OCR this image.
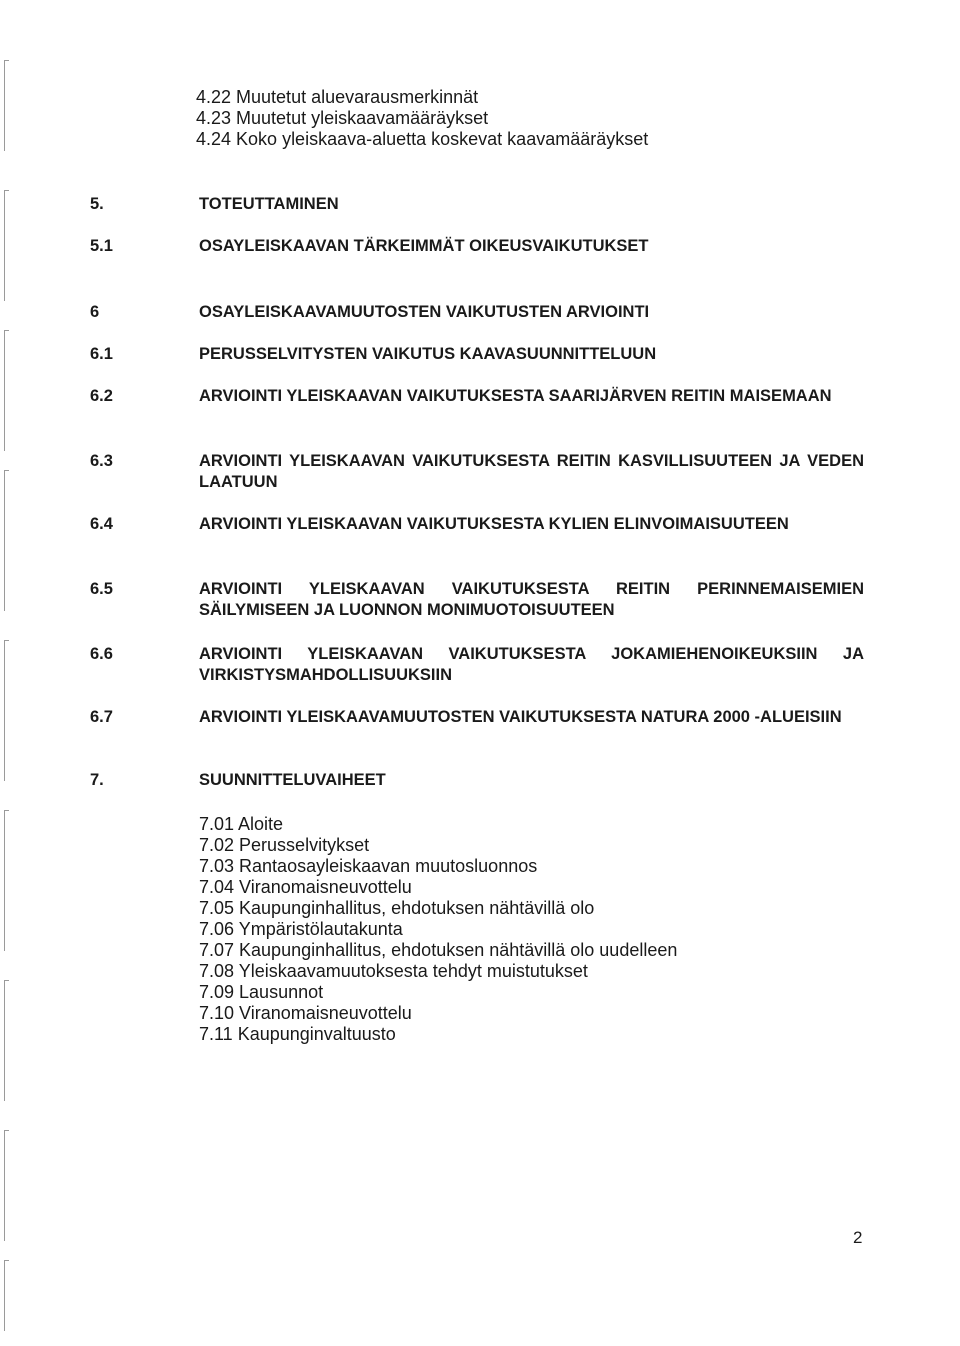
4.22 Muutetut aluevarausmerkinnät
4.23 Muutetut yleiskaavamääräykset
4.24 Koko yleiskaava-aluetta koskevat kaavamääräykset
5.	TOTEUTTAMINEN
5.1	OSAYLEISKAAVAN TÄRKEIMMÄT OIKEUSVAIKUTUKSET
6	OSAYLEISKAAVAMUUTOSTEN VAIKUTUSTEN ARVIOINTI
6.1	PERUSSELVITYSTEN VAIKUTUS KAAVASUUNNITTELUUN
6.2	ARVIOINTI YLEISKAAVAN VAIKUTUKSESTA SAARIJÄRVEN REITIN MAISEMAAN
6.3	ARVIOINTI YLEISKAAVAN VAIKUTUKSESTA REITIN KASVILLISUUTEEN JA VEDEN LAATUUN
6.4	ARVIOINTI YLEISKAAVAN VAIKUTUKSESTA KYLIEN ELINVOIMAISUUTEEN
6.5	ARVIOINTI YLEISKAAVAN VAIKUTUKSESTA REITIN PERINNEMAISEMIEN SÄILYMISEEN JA LUONNON MONIMUOTOISUUTEEN
6.6	ARVIOINTI YLEISKAAVAN VAIKUTUKSESTA JOKAMIEHENOIKEUKSIIN JA VIRKISTYSMAHDOLLISUUKSIIN
6.7	ARVIOINTI YLEISKAAVAMUUTOSTEN VAIKUTUKSESTA NATURA 2000 -ALUEISIIN
7.	SUUNNITTELUVAIHEET
7.01 Aloite
7.02 Perusselvitykset
7.03 Rantaosayleiskaavan muutosluonnos
7.04 Viranomaisneuvottelu
7.05 Kaupunginhallitus, ehdotuksen nähtävillä olo
7.06 Ympäristölautakunta
7.07 Kaupunginhallitus, ehdotuksen nähtävillä olo uudelleen
7.08 Yleiskaavamuutoksesta tehdyt muistutukset
7.09 Lausunnot
7.10 Viranomaisneuvottelu
7.11 Kaupunginvaltuusto
2
